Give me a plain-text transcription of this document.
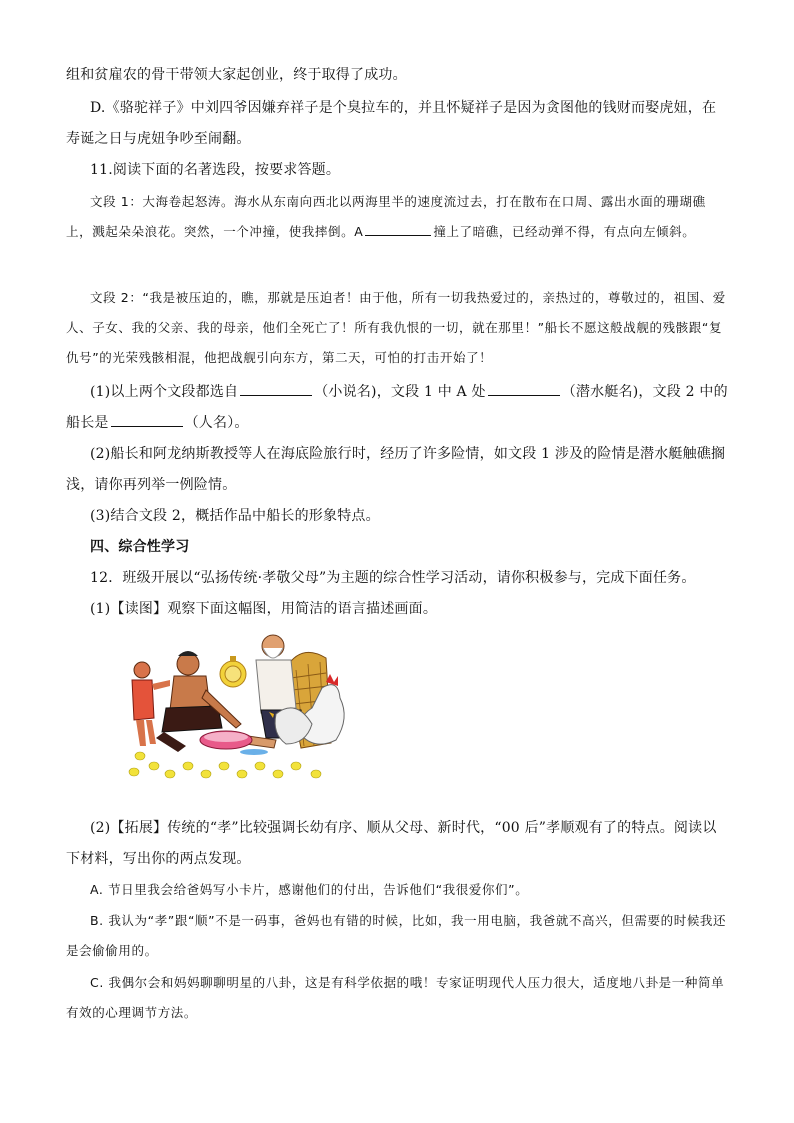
组和贫雇农的骨干带领大家起创业，终于取得了成功。

D.《骆驼祥子》中刘四爷因嫌弃祥子是个臭拉车的，并且怀疑祥子是因为贪图他的钱财而娶虎妞，在寿诞之日与虎妞争吵至闹翻。

11.阅读下面的名著选段，按要求答题。

文段 1：大海卷起怒涛。海水从东南向西北以两海里半的速度流过去，打在散布在口周、露出水面的珊瑚礁上，溅起朵朵浪花。突然，一个冲撞，使我摔倒。A	撞上了暗礁，已经动弹不得，有点向左倾斜。

文段 2：“我是被压迫的，瞧，那就是压迫者！由于他，所有一切我热爱过的，亲热过的，尊敬过的，祖国、爱人、子女、我的父亲、我的母亲，他们全死亡了！所有我仇恨的一切，就在那里！”船长不愿这般战舰的残骸跟“复仇号”的光荣残骸相混，他把战舰引向东方，第二天，可怕的打击开始了！

(1)以上两个文段都选自	（小说名)，文段 1 中 A 处	（潜水艇名)，文段 2 中的船长是	（人名）。

(2)船长和阿龙纳斯教授等人在海底险旅行时，经历了许多险情，如文段 1 涉及的险情是潜水艇触礁搁浅，请你再列举一例险情。

(3)结合文段 2，概括作品中船长的形象特点。

四、综合性学习

12．班级开展以“弘扬传统·孝敬父母”为主题的综合性学习活动，请你积极参与，完成下面任务。

(1)【读图】观察下面这幅图，用简洁的语言描述画面。

(2)【拓展】传统的“孝”比较强调长幼有序、顺从父母、新时代，“00 后”孝顺观有了的特点。阅读以下材料，写出你的两点发现。

A. 节日里我会给爸妈写小卡片，感谢他们的付出，告诉他们“我很爱你们”。

B. 我认为“孝”跟“顺”不是一码事，爸妈也有错的时候，比如，我一用电脑，我爸就不高兴，但需要的时候我还是会偷偷用的。

C. 我偶尔会和妈妈聊聊明星的八卦，这是有科学依据的哦！专家证明现代人压力很大，适度地八卦是一种简单有效的心理调节方法。
